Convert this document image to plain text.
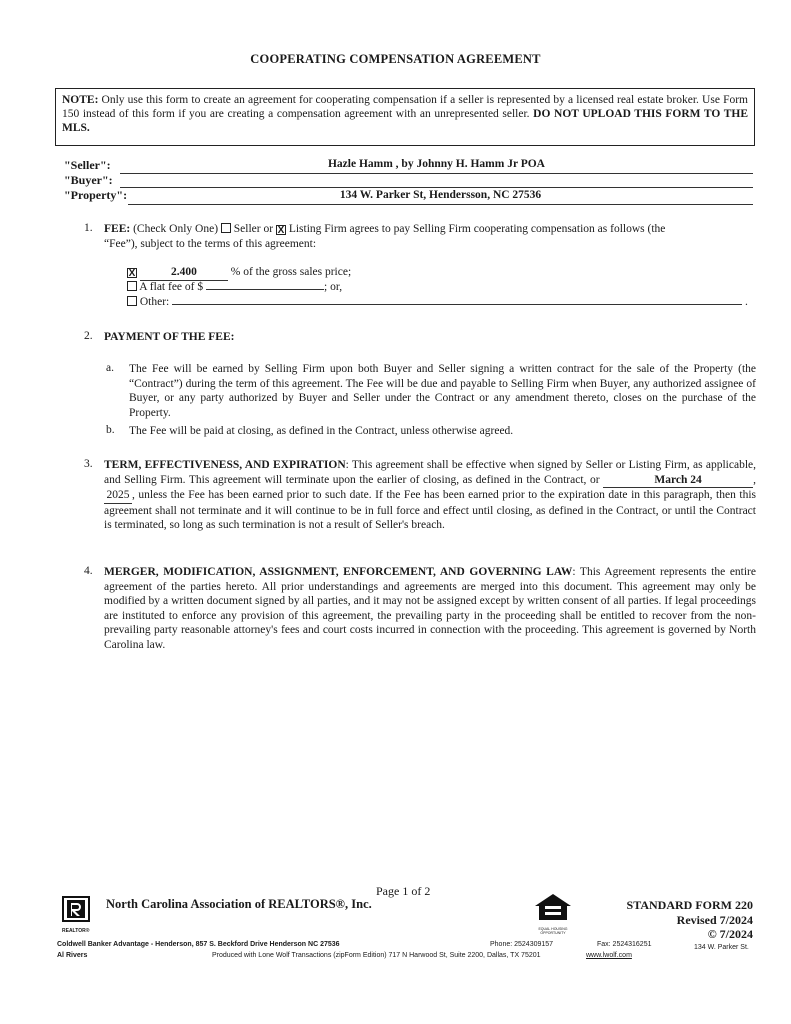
COOPERATING COMPENSATION AGREEMENT
NOTE: Only use this form to create an agreement for cooperating compensation if a seller is represented by a licensed real estate broker. Use Form 150 instead of this form if you are creating a compensation agreement with an unrepresented seller. DO NOT UPLOAD THIS FORM TO THE MLS.
"Seller":	Hazle Hamm , by Johnny H. Hamm Jr POA
"Buyer":
"Property":	134 W. Parker St, Hendersson, NC 27536
1. FEE: (Check Only One) Seller or X Listing Firm agrees to pay Selling Firm cooperating compensation as follows (the
“Fee”), subject to the terms of this agreement:
X	2.400	% of the gross sales price;
A flat fee of $	; or,
Other:	.
2. PAYMENT OF THE FEE:
a. The Fee will be earned by Selling Firm upon both Buyer and Seller signing a written contract for the sale of the Property (the “Contract”) during the term of this agreement. The Fee will be due and payable to Selling Firm when Buyer, any authorized assignee of Buyer, or any party authorized by Buyer and Seller under the Contract or any amendment thereto, closes on the purchase of the Property.
b. The Fee will be paid at closing, as defined in the Contract, unless otherwise agreed.
3. TERM, EFFECTIVENESS, AND EXPIRATION: This agreement shall be effective when signed by Seller or Listing Firm, as applicable, and Selling Firm. This agreement will terminate upon the earlier of closing, as defined in the Contract, or	March 24	, 2025 , unless the Fee has been earned prior to such date. If the Fee has been earned prior to the expiration date in this paragraph, then this agreement shall not terminate and it will continue to be in full force and effect until closing, as defined in the Contract, or until the Contract is terminated, so long as such termination is not a result of Seller's breach.
4. MERGER, MODIFICATION, ASSIGNMENT, ENFORCEMENT, AND GOVERNING LAW: This Agreement represents the entire agreement of the parties hereto. All prior understandings and agreements are merged into this document. This agreement may only be modified by a written document signed by all parties, and it may not be assigned except by written consent of all parties. If legal proceedings are instituted to enforce any provision of this agreement, the prevailing party in the proceeding shall be entitled to recover from the non-prevailing party reasonable attorney's fees and court costs incurred in connection with the proceeding. This agreement is governed by North Carolina law.
Page 1 of 2
REALTOR®
North Carolina Association of REALTORS®, Inc.
EQUAL HOUSING OPPORTUNITY
STANDARD FORM 220
Revised 7/2024
© 7/2024
Coldwell Banker Advantage - Henderson, 857 S. Beckford Drive Henderson NC 27536
Al Rivers
Phone: 2524309157	Fax: 2524316251	134 W. Parker St.
Produced with Lone Wolf Transactions (zipForm Edition) 717 N Harwood St, Suite 2200, Dallas, TX 75201	www.lwolf.com
